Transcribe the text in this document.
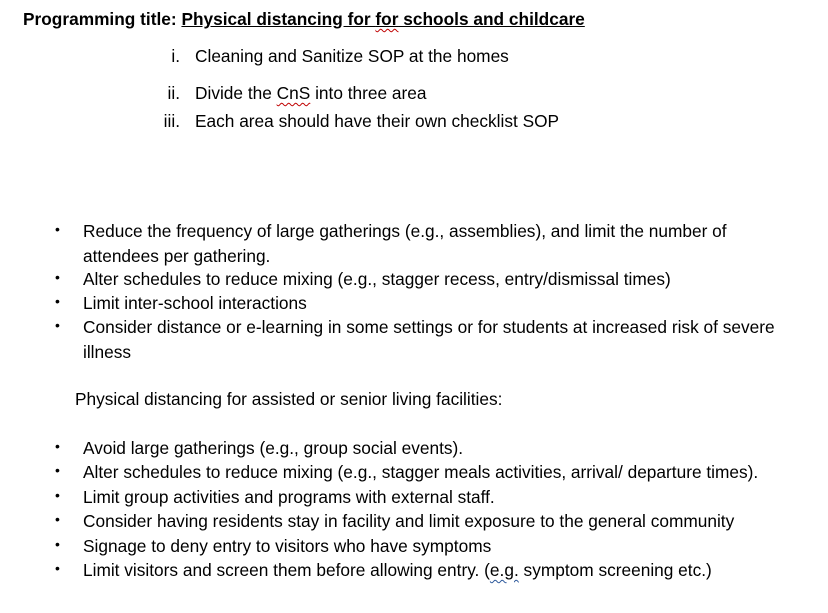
Programming title: Physical distancing for for schools and childcare
i. Cleaning and Sanitize SOP at the homes
ii. Divide the CnS into three area
iii. Each area should have their own checklist SOP
• Reduce the frequency of large gatherings (e.g., assemblies), and limit the number of attendees per gathering.
• Alter schedules to reduce mixing (e.g., stagger recess, entry/dismissal times)
• Limit inter-school interactions
• Consider distance or e-learning in some settings or for students at increased risk of severe illness
Physical distancing for assisted or senior living facilities:
• Avoid large gatherings (e.g., group social events).
• Alter schedules to reduce mixing (e.g., stagger meals activities, arrival/ departure times).
• Limit group activities and programs with external staff.
• Consider having residents stay in facility and limit exposure to the general community
• Signage to deny entry to visitors who have symptoms
• Limit visitors and screen them before allowing entry. (e.g. symptom screening etc.)
